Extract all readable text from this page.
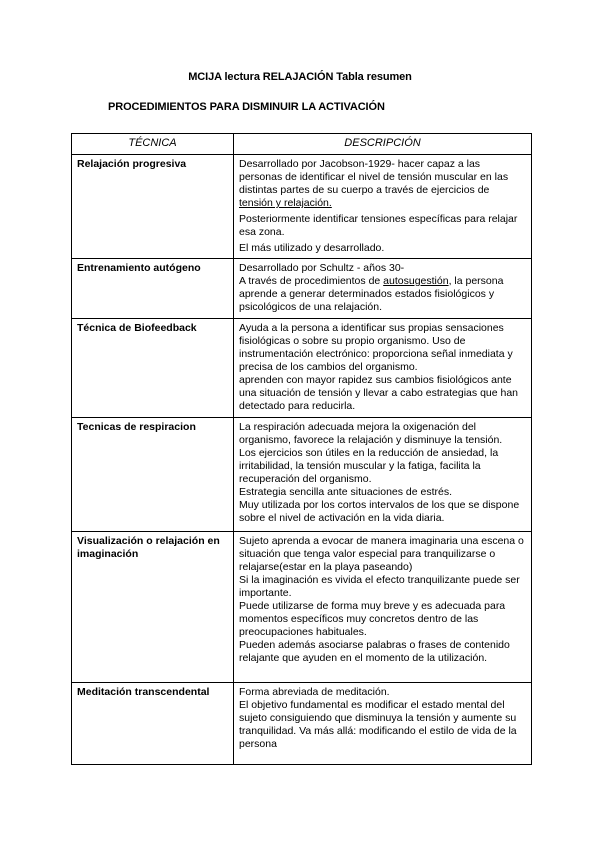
MCIJA lectura RELAJACIÓN Tabla resumen
PROCEDIMIENTOS PARA DISMINUIR LA ACTIVACIÓN
TÉCNICA	DESCRIPCIÓN
Relajación progresiva	Desarrollado por Jacobson-1929- hacer capaz a las personas de identificar el nivel de tensión muscular en las distintas partes de su cuerpo a través de ejercicios de tensión y relajación.
Posteriormente identificar tensiones específicas para relajar esa zona.
El más utilizado y desarrollado.

Entrenamiento autógeno	Desarrollado por Schultz - años 30-
A través de procedimientos de autosugestión, la persona aprende a generar determinados estados fisiológicos y psicológicos de una relajación.

Técnica de Biofeedback	Ayuda a la persona a identificar sus propias sensaciones fisiológicas o sobre su propio organismo. Uso de instrumentación electrónico: proporciona señal inmediata y precisa de los cambios del organismo.
aprenden con mayor rapidez sus cambios fisiológicos ante una situación de tensión y llevar a cabo estrategias que han detectado para reducirla.

Tecnicas de respiracion	La respiración adecuada mejora la oxigenación del organismo, favorece la relajación y disminuye la tensión.
Los ejercicios son útiles en la reducción de ansiedad, la irritabilidad, la tensión muscular y la fatiga, facilita la recuperación del organismo.
Estrategia sencilla ante situaciones de estrés.
Muy utilizada por los cortos intervalos de los que se dispone sobre el nivel de activación en la vida diaria.

Visualización o relajación en imaginación	Sujeto aprenda a evocar de manera imaginaria una escena o situación que tenga valor especial para tranquilizarse o relajarse(estar en la playa paseando)
Si la imaginación es vivida el efecto tranquilizante puede ser importante.
Puede utilizarse de forma muy breve y es adecuada para momentos específicos muy concretos dentro de las preocupaciones habituales.
Pueden además asociarse palabras o frases de contenido relajante que ayuden en el momento de la utilización.

Meditación transcendental	Forma abreviada de meditación.
El objetivo fundamental es modificar el estado mental del sujeto consiguiendo que disminuya la tensión y aumente su tranquilidad. Va más allá: modificando el estilo de vida de la persona
